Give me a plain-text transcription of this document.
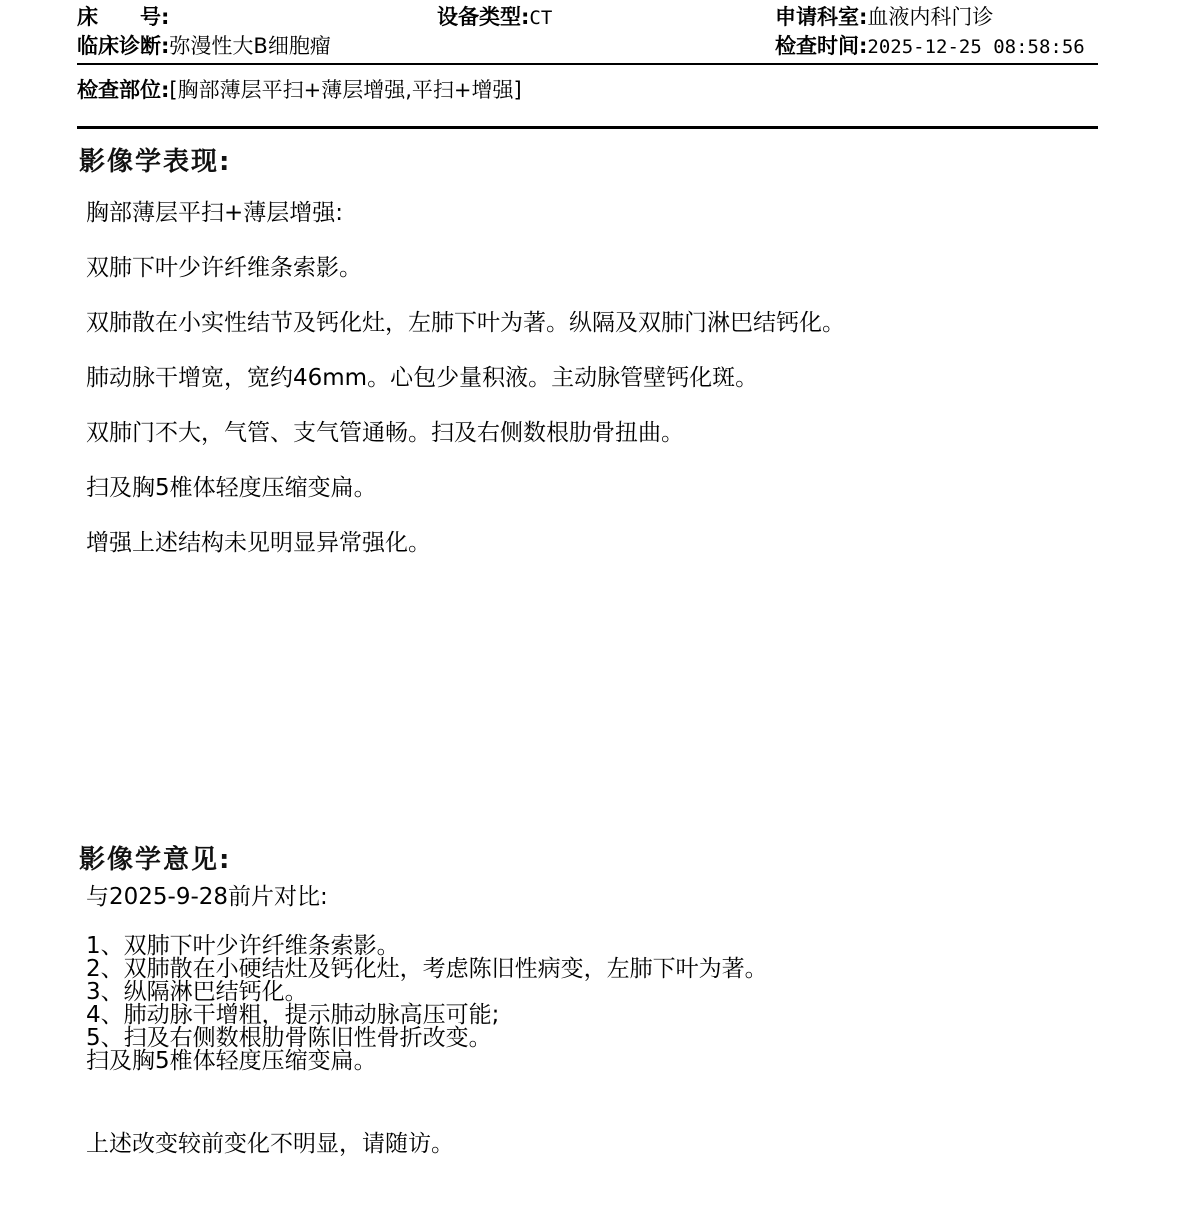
床　　号:	设备类型:CT	申请科室:血液内科门诊
临床诊断:弥漫性大B细胞瘤	检查时间:2025-12-25 08:58:56
检查部位:[胸部薄层平扫+薄层增强,平扫+增强]
影像学表现:
胸部薄层平扫+薄层增强:
双肺下叶少许纤维条索影。
双肺散在小实性结节及钙化灶，左肺下叶为著。纵隔及双肺门淋巴结钙化。
肺动脉干增宽，宽约46mm。心包少量积液。主动脉管壁钙化斑。
双肺门不大，气管、支气管通畅。扫及右侧数根肋骨扭曲。
扫及胸5椎体轻度压缩变扁。
增强上述结构未见明显异常强化。
影像学意见:
与2025-9-28前片对比:
1、双肺下叶少许纤维条索影。
2、双肺散在小硬结灶及钙化灶，考虑陈旧性病变，左肺下叶为著。
3、纵隔淋巴结钙化。
4、肺动脉干增粗，提示肺动脉高压可能;
5、扫及右侧数根肋骨陈旧性骨折改变。
扫及胸5椎体轻度压缩变扁。
上述改变较前变化不明显，请随访。
